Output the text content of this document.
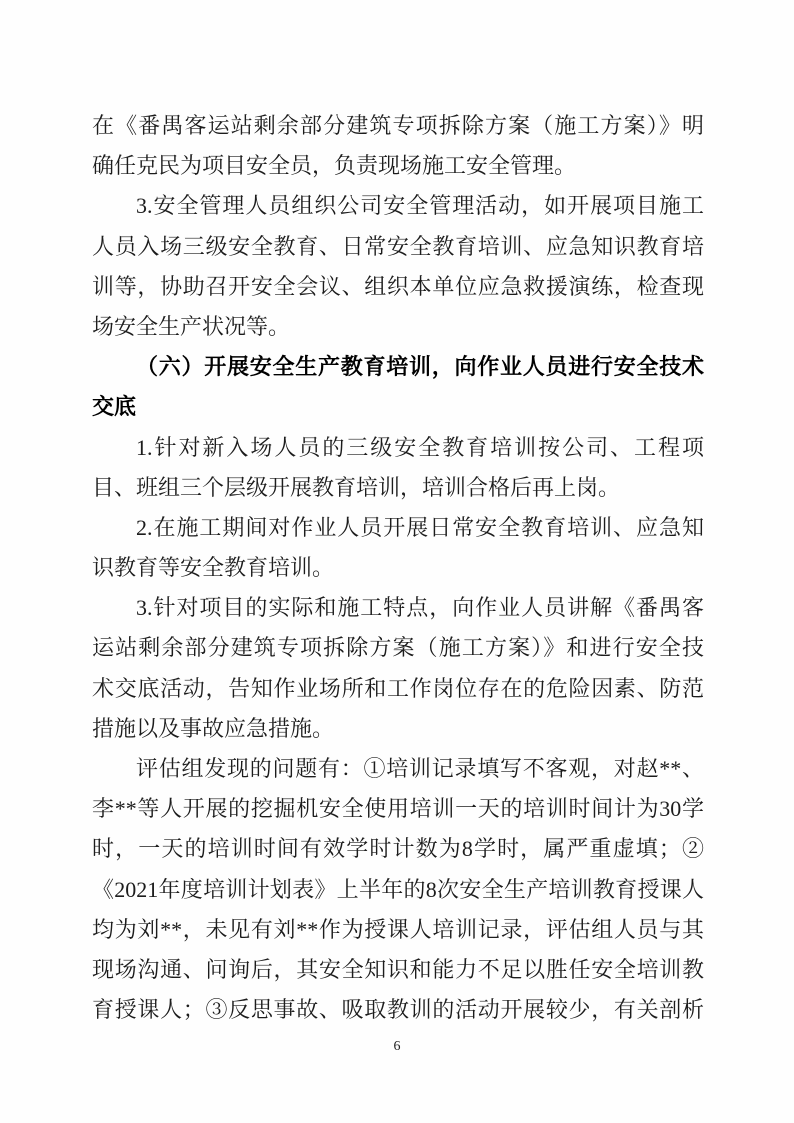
在《番禺客运站剩余部分建筑专项拆除方案（施工方案）》明
确任克民为项目安全员，负责现场施工安全管理。
3.安全管理人员组织公司安全管理活动，如开展项目施工
人员入场三级安全教育、日常安全教育培训、应急知识教育培
训等，协助召开安全会议、组织本单位应急救援演练，检查现
场安全生产状况等。
（六）开展安全生产教育培训，向作业人员进行安全技术
交底
1.针对新入场人员的三级安全教育培训按公司、工程项
目、班组三个层级开展教育培训，培训合格后再上岗。
2.在施工期间对作业人员开展日常安全教育培训、应急知
识教育等安全教育培训。
3.针对项目的实际和施工特点，向作业人员讲解《番禺客
运站剩余部分建筑专项拆除方案（施工方案）》和进行安全技
术交底活动，告知作业场所和工作岗位存在的危险因素、防范
措施以及事故应急措施。
评估组发现的问题有：①培训记录填写不客观，对赵**、
李**等人开展的挖掘机安全使用培训一天的培训时间计为30学
时，一天的培训时间有效学时计数为8学时，属严重虚填；②
《2021年度培训计划表》上半年的8次安全生产培训教育授课人
均为刘**，未见有刘**作为授课人培训记录，评估组人员与其
现场沟通、问询后，其安全知识和能力不足以胜任安全培训教
育授课人；③反思事故、吸取教训的活动开展较少，有关剖析
6
